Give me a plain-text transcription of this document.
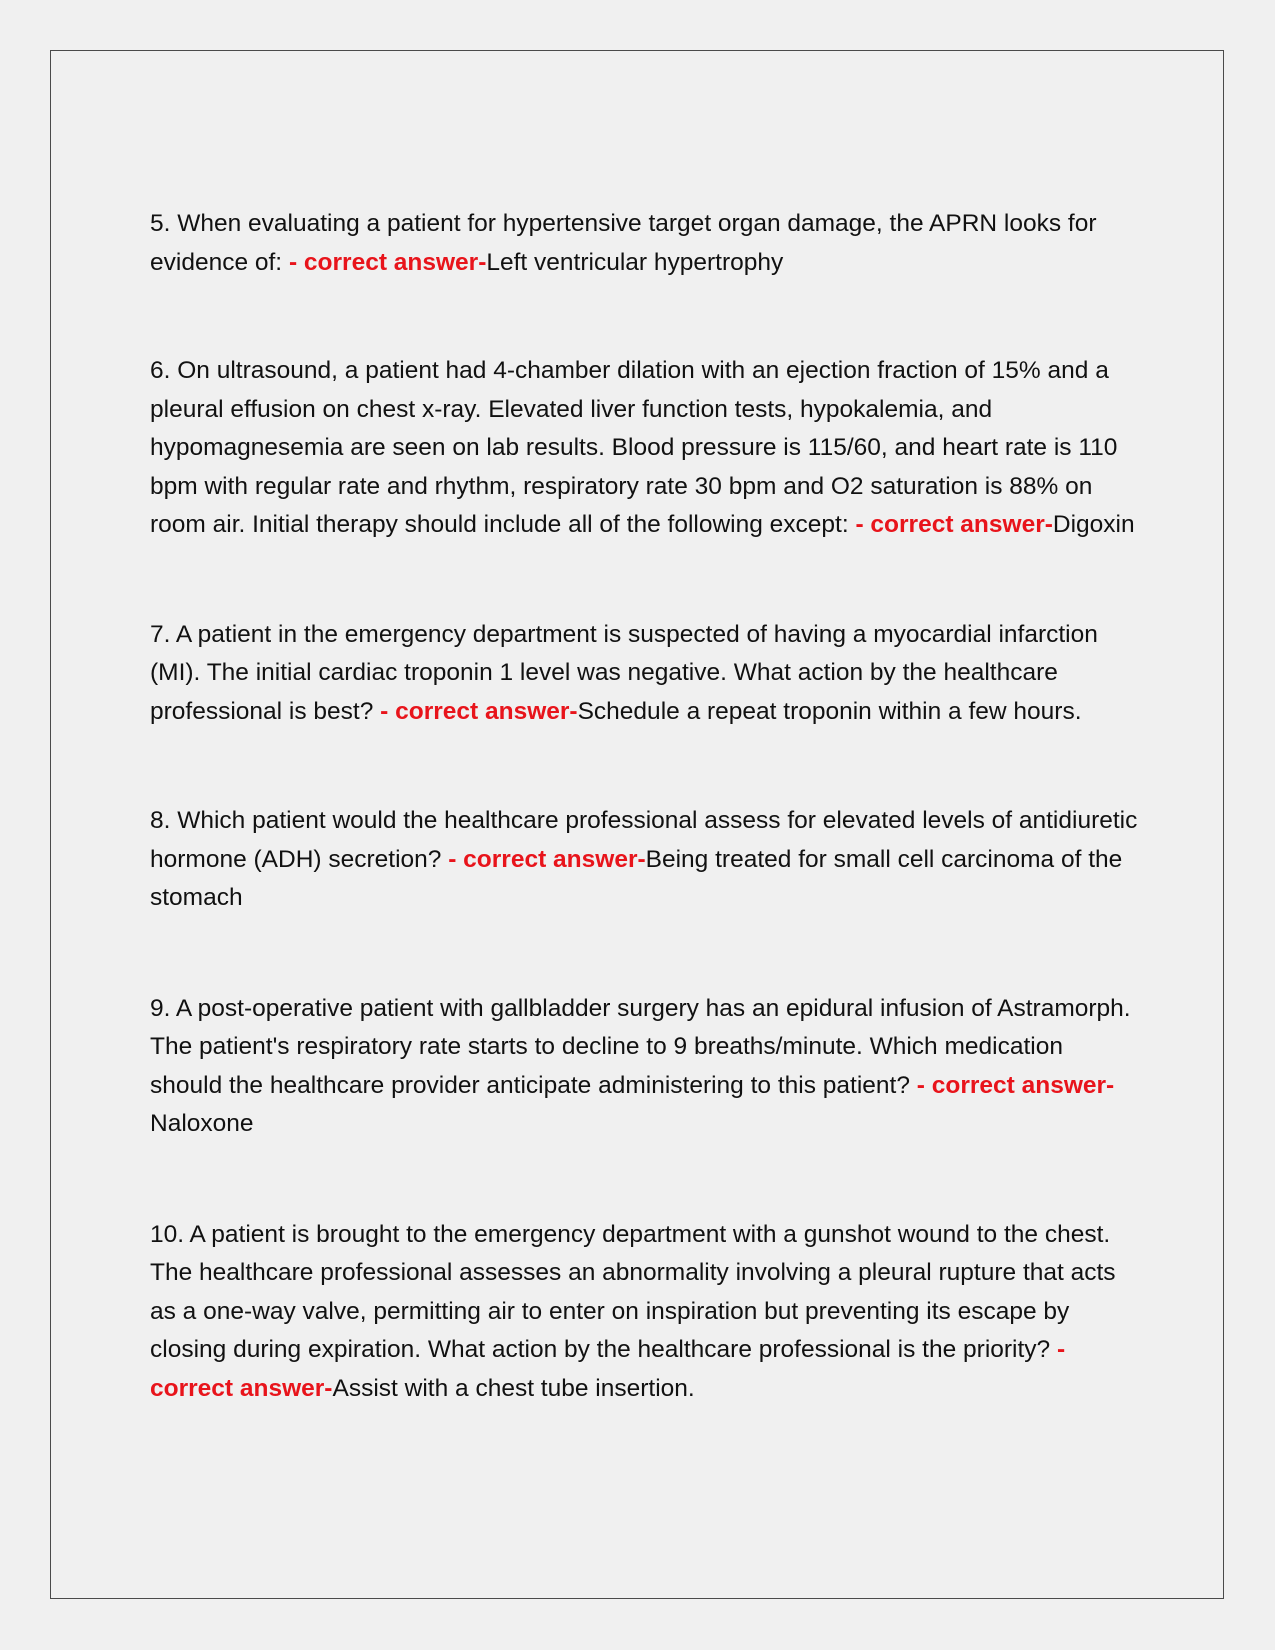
5. When evaluating a patient for hypertensive target organ damage, the APRN looks for evidence of: - correct answer-Left ventricular hypertrophy
6. On ultrasound, a patient had 4-chamber dilation with an ejection fraction of 15% and a pleural effusion on chest x-ray. Elevated liver function tests, hypokalemia, and hypomagnesemia are seen on lab results. Blood pressure is 115/60, and heart rate is 110 bpm with regular rate and rhythm, respiratory rate 30 bpm and O2 saturation is 88% on room air. Initial therapy should include all of the following except: - correct answer-Digoxin
7. A patient in the emergency department is suspected of having a myocardial infarction (MI). The initial cardiac troponin 1 level was negative. What action by the healthcare professional is best? - correct answer-Schedule a repeat troponin within a few hours.
8. Which patient would the healthcare professional assess for elevated levels of antidiuretic hormone (ADH) secretion? - correct answer-Being treated for small cell carcinoma of the stomach
9. A post-operative patient with gallbladder surgery has an epidural infusion of Astramorph. The patient's respiratory rate starts to decline to 9 breaths/minute. Which medication should the healthcare provider anticipate administering to this patient? - correct answer-Naloxone
10. A patient is brought to the emergency department with a gunshot wound to the chest. The healthcare professional assesses an abnormality involving a pleural rupture that acts as a one-way valve, permitting air to enter on inspiration but preventing its escape by closing during expiration. What action by the healthcare professional is the priority? - correct answer-Assist with a chest tube insertion.
